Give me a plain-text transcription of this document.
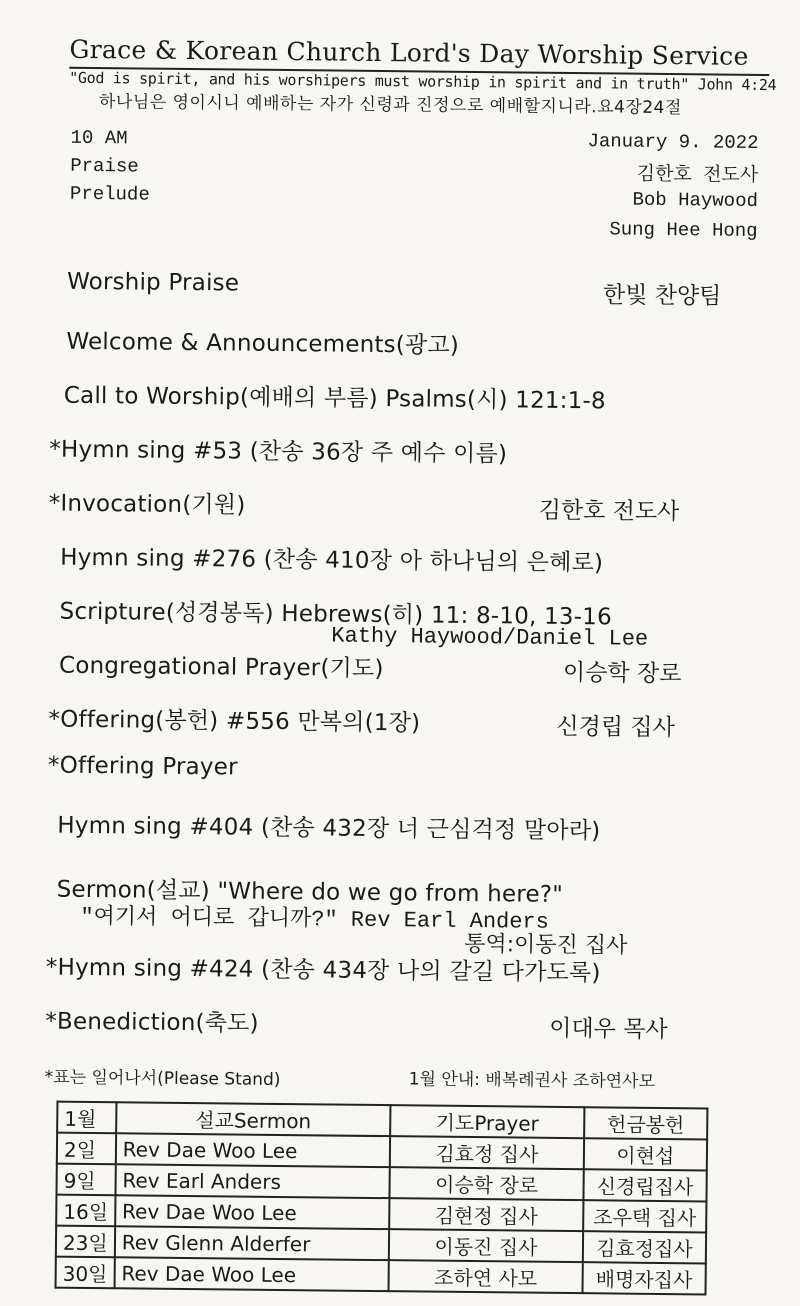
Grace & Korean Church Lord's Day Worship Service
"God is spirit, and his worshipers must worship in spirit and in truth" John 4:24
하나님은 영이시니 예배하는 자가 신령과 진정으로 예배할지니라.요4장24절
10 AM
Praise
Prelude
January 9. 2022
김한호 전도사
Bob Haywood
Sung Hee Hong
Worship Praise	한빛 찬양팀
Welcome & Announcements(광고)
Call to Worship(예배의 부름) Psalms(시) 121:1-8
*Hymn sing #53 (찬송 36장 주 예수 이름)
*Invocation(기원)	김한호 전도사
Hymn sing #276 (찬송 410장 아 하나님의 은혜로)
Scripture(성경봉독) Hebrews(히) 11: 8-10, 13-16
Kathy Haywood/Daniel Lee
Congregational Prayer(기도)	이승학 장로
*Offering(봉헌) #556 만복의(1장)	신경립 집사
*Offering Prayer
Hymn sing #404 (찬송 432장 너 근심걱정 말아라)
Sermon(설교) "Where do we go from here?"
"여기서 어디로 갑니까?" Rev Earl Anders
통역:이동진 집사
*Hymn sing #424 (찬송 434장 나의 갈길 다가도록)
*Benediction(축도)	이대우 목사
*표는 일어나서(Please Stand)	1월 안내: 배복례권사 조하연사모
1월	설교Sermon	기도Prayer	헌금봉헌
2일	Rev Dae Woo Lee	김효정 집사	이현섭
9일	Rev Earl Anders	이승학 장로	신경립집사
16일	Rev Dae Woo Lee	김현정 집사	조우택 집사
23일	Rev Glenn Alderfer	이동진 집사	김효정집사
30일	Rev Dae Woo Lee	조하연 사모	배명자집사
